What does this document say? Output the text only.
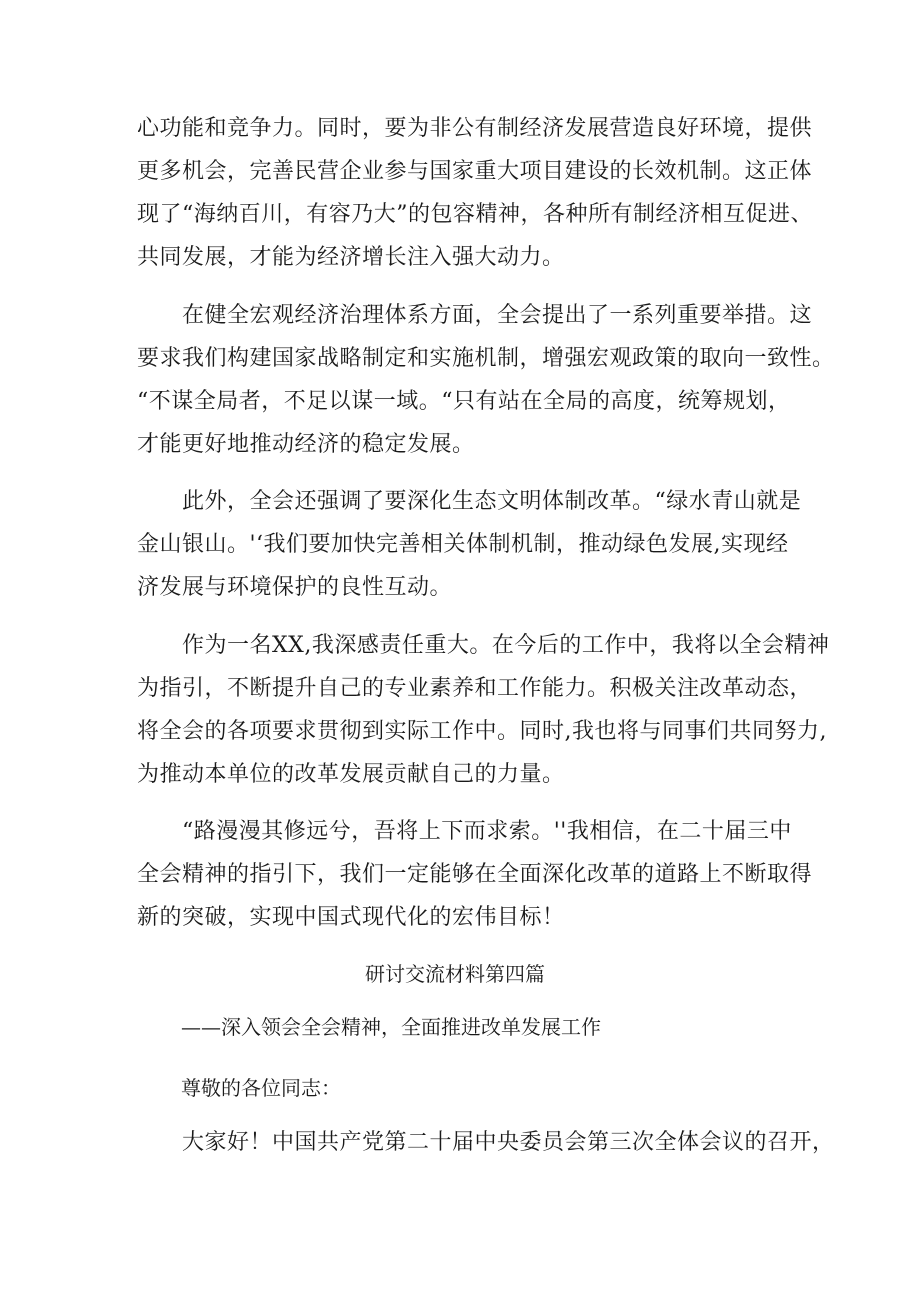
心功能和竞争力。同时，要为非公有制经济发展营造良好环境，提供
更多机会，完善民营企业参与国家重大项目建设的长效机制。这正体
现了“海纳百川，有容乃大”的包容精神，各种所有制经济相互促进、
共同发展，才能为经济增长注入强大动力。
在健全宏观经济治理体系方面，全会提出了一系列重要举措。这
要求我们构建国家战略制定和实施机制，增强宏观政策的取向一致性。
“不谋全局者，不足以谋一域。“只有站在全局的高度，统筹规划，
才能更好地推动经济的稳定发展。
此外，全会还强调了要深化生态文明体制改革。“绿水青山就是
金山银山。'‘我们要加快完善相关体制机制，推动绿色发展,实现经
济发展与环境保护的良性互动。
作为一名XX,我深感责任重大。在今后的工作中，我将以全会精神
为指引，不断提升自己的专业素养和工作能力。积极关注改革动态，
将全会的各项要求贯彻到实际工作中。同时,我也将与同事们共同努力,
为推动本单位的改革发展贡献自己的力量。
“路漫漫其修远兮，吾将上下而求索。''我相信，在二十届三中
全会精神的指引下，我们一定能够在全面深化改革的道路上不断取得
新的突破，实现中国式现代化的宏伟目标！
研讨交流材料第四篇
——深入领会全会精神，全面推进改单发展工作
尊敬的各位同志：
大家好！中国共产党第二十届中央委员会第三次全体会议的召开，
